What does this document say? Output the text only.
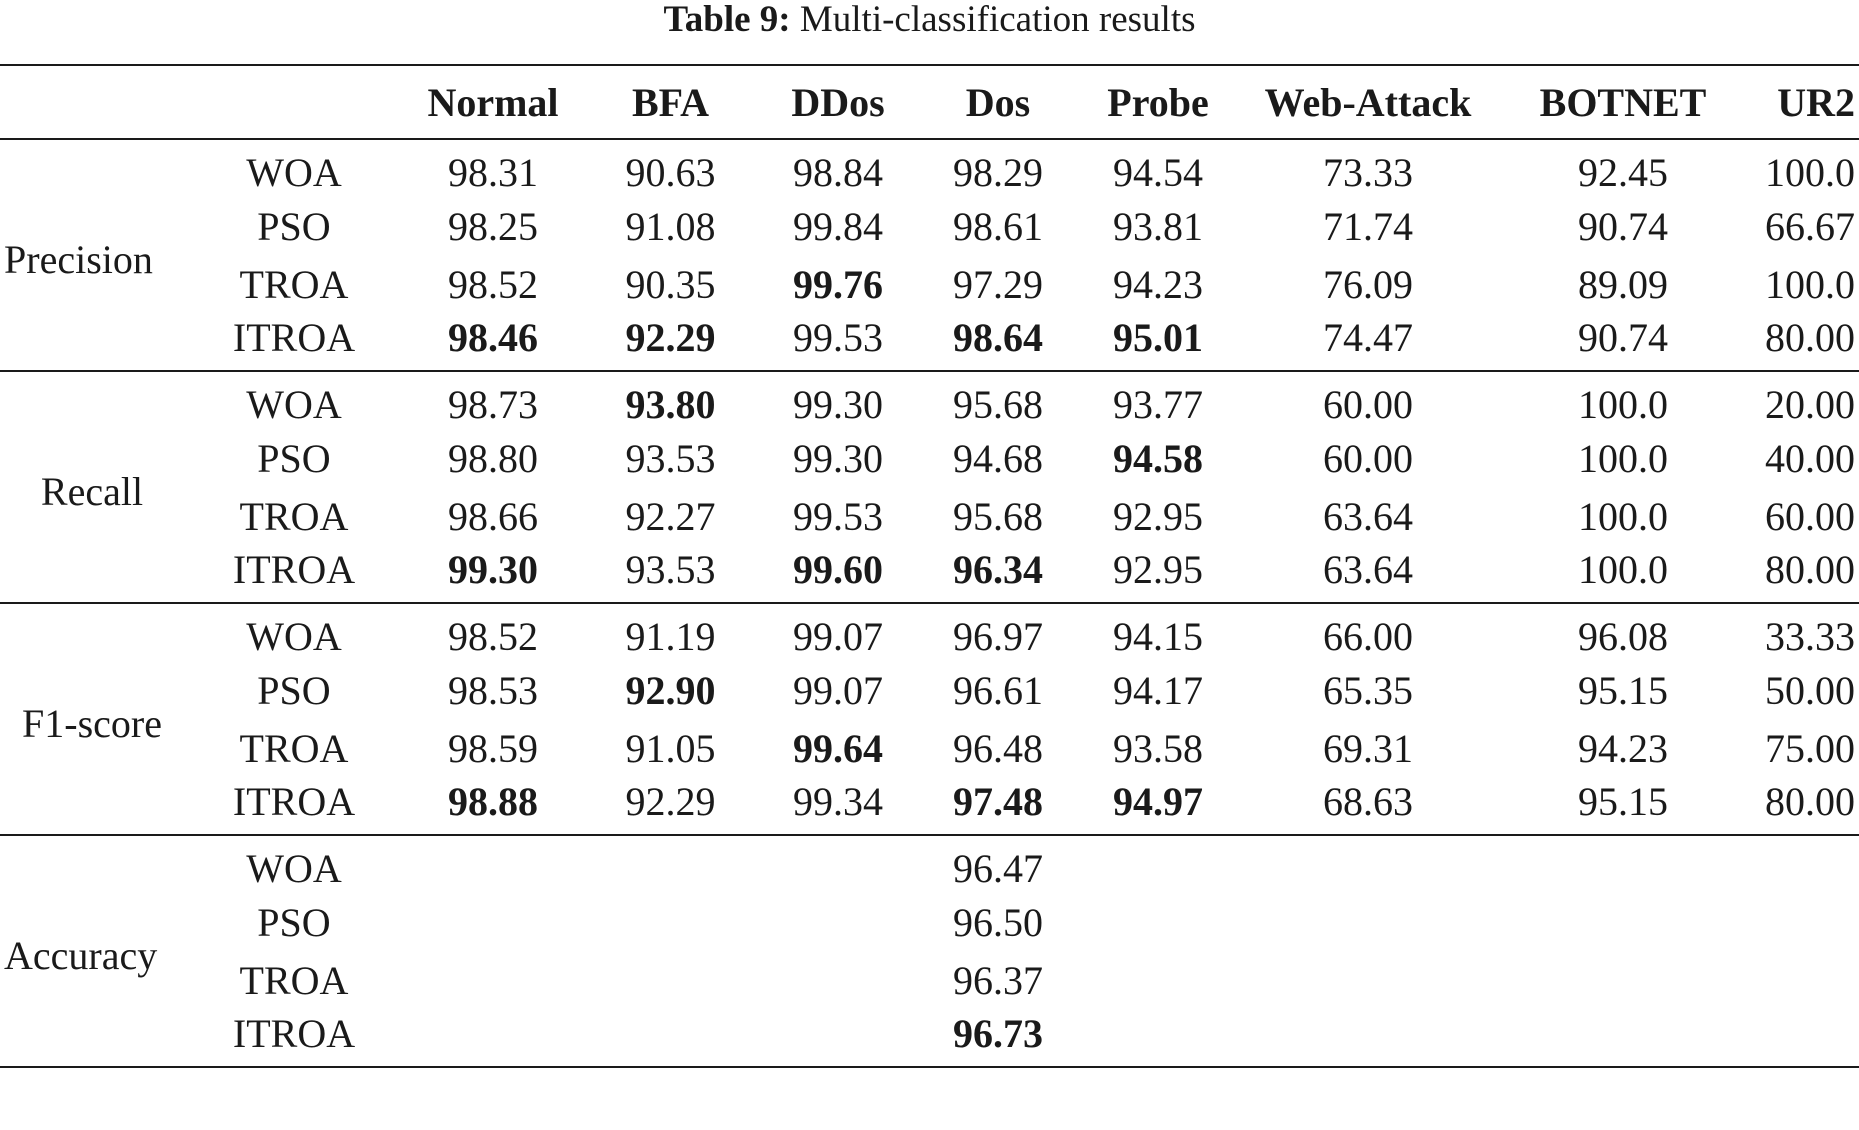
Table 9: Multi-classification results
		Normal	BFA	DDos	Dos	Probe	Web-Attack	BOTNET	UR2
Precision	WOA	98.31	90.63	98.84	98.29	94.54	73.33	92.45	100.0
	PSO	98.25	91.08	99.84	98.61	93.81	71.74	90.74	66.67
	TROA	98.52	90.35	99.76	97.29	94.23	76.09	89.09	100.0
	ITROA	98.46	92.29	99.53	98.64	95.01	74.47	90.74	80.00
Recall	WOA	98.73	93.80	99.30	95.68	93.77	60.00	100.0	20.00
	PSO	98.80	93.53	99.30	94.68	94.58	60.00	100.0	40.00
	TROA	98.66	92.27	99.53	95.68	92.95	63.64	100.0	60.00
	ITROA	99.30	93.53	99.60	96.34	92.95	63.64	100.0	80.00
F1-score	WOA	98.52	91.19	99.07	96.97	94.15	66.00	96.08	33.33
	PSO	98.53	92.90	99.07	96.61	94.17	65.35	95.15	50.00
	TROA	98.59	91.05	99.64	96.48	93.58	69.31	94.23	75.00
	ITROA	98.88	92.29	99.34	97.48	94.97	68.63	95.15	80.00
Accuracy	WOA				96.47				
	PSO				96.50				
	TROA				96.37				
	ITROA				96.73				
